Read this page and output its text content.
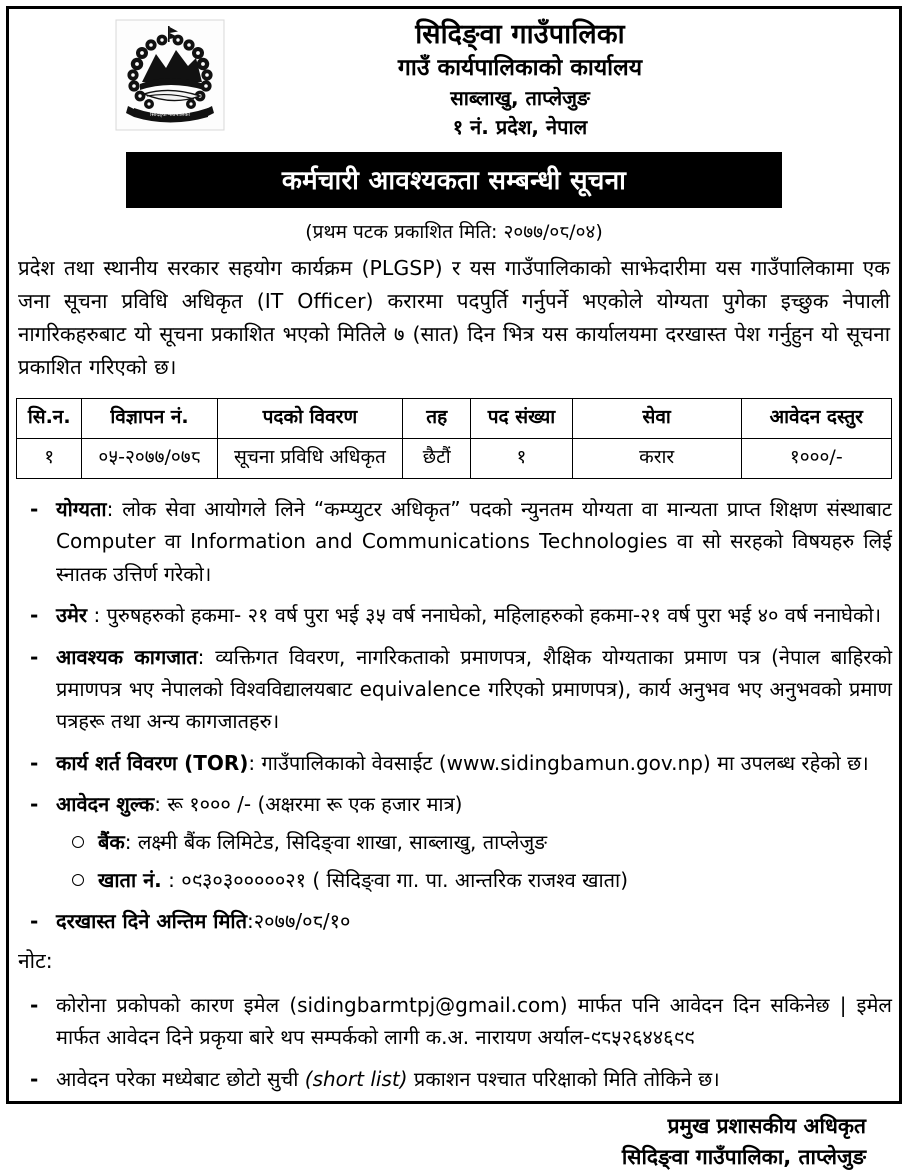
सिदिङ्वा गाउँपालिका
सिदिङ्वा गाउँपालिका
गाउँ कार्यपालिकाको कार्यालय
साब्लाखु, ताप्लेजुङ
१ नं. प्रदेश, नेपाल
कर्मचारी आवश्यकता सम्बन्धी सूचना
(प्रथम पटक प्रकाशित मिति: २०७७/०८/०४)
प्रदेश तथा स्थानीय सरकार सहयोग कार्यक्रम (PLGSP) र यस गाउँपालिकाको साझेदारीमा यस गाउँपालिकामा एक जना सूचना प्रविधि अधिकृत (IT Officer) करारमा पदपुर्ति गर्नुपर्ने भएकोले योग्यता पुगेका इच्छुक नेपाली नागरिकहरुबाट यो सूचना प्रकाशित भएको मितिले ७ (सात) दिन भित्र यस कार्यालयमा दरखास्त पेश गर्नुहुन यो सूचना प्रकाशित गरिएको छ।
सि.न.	विज्ञापन नं.	पदको विवरण	तह	पद संख्या	सेवा	आवेदन दस्तुर
१	०५-२०७७/०७८	सूचना प्रविधि अधिकृत	छैटौं	१	करार	१०००/-
- योग्यता: लोक सेवा आयोगले लिने “कम्प्युटर अधिकृत” पदको न्युनतम योग्यता वा मान्यता प्राप्त शिक्षण संस्थाबाट Computer वा Information and Communications Technologies वा सो सरहको विषयहरु लिई स्नातक उत्तिर्ण गरेको।
- उमेर : पुरुषहरुको हकमा- २१ वर्ष पुरा भई ३५ वर्ष ननाघेको, महिलाहरुको हकमा-२१ वर्ष पुरा भई ४० वर्ष ननाघेको।
- आवश्यक कागजात: व्यक्तिगत विवरण, नागरिकताको प्रमाणपत्र, शैक्षिक योग्यताका प्रमाण पत्र (नेपाल बाहिरको प्रमाणपत्र भए नेपालको विश्वविद्यालयबाट equivalence गरिएको प्रमाणपत्र), कार्य अनुभव भए अनुभवको प्रमाण पत्रहरू तथा अन्य कागजातहरु।
- कार्य शर्त विवरण (TOR): गाउँपालिकाको वेवसाईट (www.sidingbamun.gov.np) मा उपलब्ध रहेको छ।
- आवेदन शुल्क: रू १००० /- (अक्षरमा रू एक हजार मात्र)
बैंक: लक्ष्मी बैंक लिमिटेड, सिदिङ्वा शाखा, साब्लाखु, ताप्लेजुङ
खाता नं. : ०९३०३०००००२१ ( सिदिङ्वा गा. पा. आन्तरिक राजश्व खाता)
- दरखास्त दिने अन्तिम मिति:२०७७/०८/१०
नोट:
- कोरोना प्रकोपको कारण इमेल (sidingbarmtpj@gmail.com) मार्फत पनि आवेदन दिन सकिनेछ | इमेल मार्फत आवेदन दिने प्रकृया बारे थप सम्पर्कको लागी क.अ. नारायण अर्याल-९८५२६४४६९९
- आवेदन परेका मध्येबाट छोटो सुची (short list) प्रकाशन पश्चात परिक्षाको मिति तोकिने छ।
प्रमुख प्रशासकीय अधिकृत
सिदिङ्वा गाउँपालिका, ताप्लेजुङ
